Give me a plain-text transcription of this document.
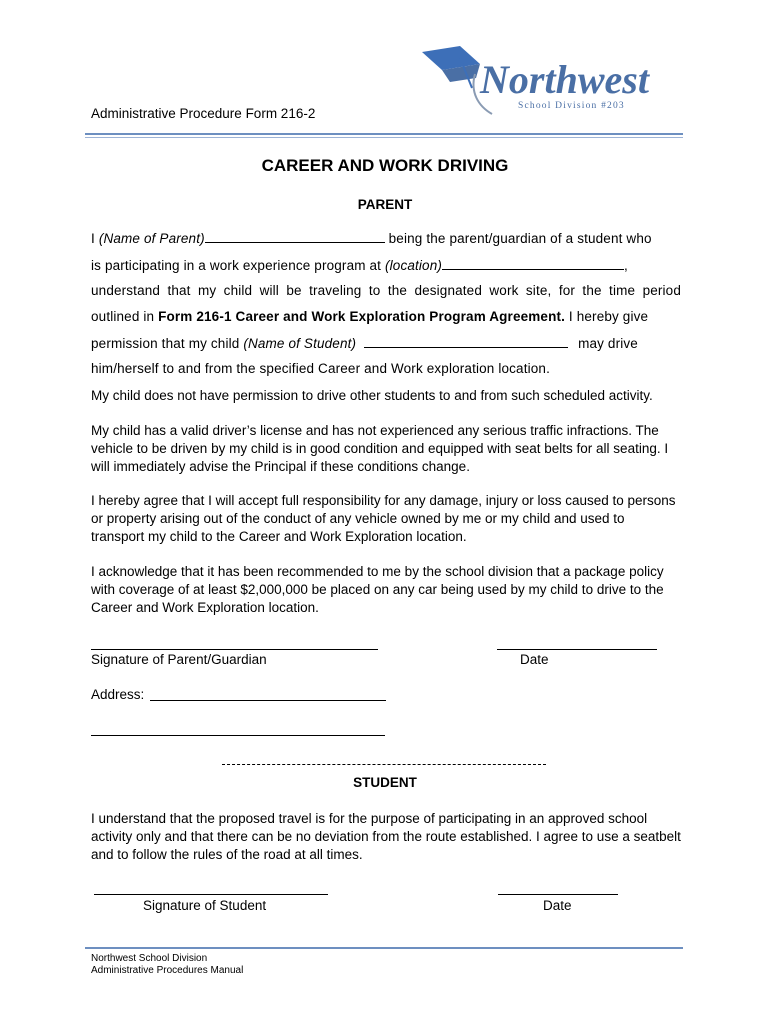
Administrative Procedure Form 216-2
Northwest
School Division #203
CAREER AND WORK DRIVING
PARENT
I (Name of Parent)	being the parent/guardian of a student who
is participating in a work experience program at (location)	,
understand that my child will be traveling to the designated work site, for the time period
outlined in Form 216-1 Career and Work Exploration Program Agreement. I hereby give
permission that my child (Name of Student)	may drive
him/herself to and from the specified Career and Work exploration location.
My child does not have permission to drive other students to and from such scheduled activity.
My child has a valid driver’s license and has not experienced any serious traffic infractions. The vehicle to be driven by my child is in good condition and equipped with seat belts for all seating. I will immediately advise the Principal if these conditions change.
I hereby agree that I will accept full responsibility for any damage, injury or loss caused to persons or property arising out of the conduct of any vehicle owned by me or my child and used to transport my child to the Career and Work Exploration location.
I acknowledge that it has been recommended to me by the school division that a package policy with coverage of at least $2,000,000 be placed on any car being used by my child to drive to the Career and Work Exploration location.
Signature of Parent/Guardian	Date
Address:
STUDENT
I understand that the proposed travel is for the purpose of participating in an approved school activity only and that there can be no deviation from the route established. I agree to use a seatbelt and to follow the rules of the road at all times.
Signature of Student	Date
Northwest School Division
Administrative Procedures Manual
